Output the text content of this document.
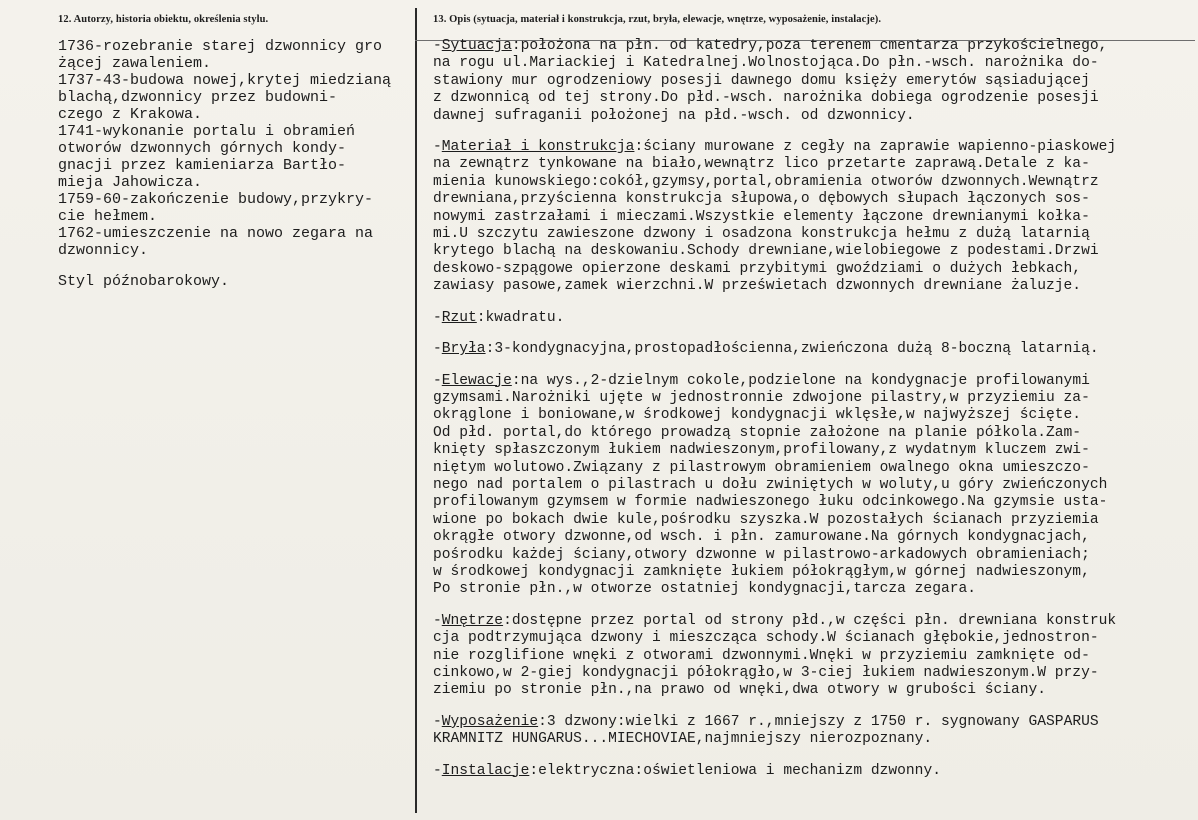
12. Autorzy, historia obiektu, określenia stylu.
1736-rozebranie starej dzwonnicy gro
żącej zawaleniem.
1737-43-budowa nowej,krytej miedzianą
blachą,dzwonnicy przez budowni-
czego z Krakowa.
1741-wykonanie portalu i obramień
otworów dzwonnych górnych kondy-
gnacji przez kamieniarza Bartło-
mieja Jahowicza.
1759-60-zakończenie budowy,przykry-
cie hełmem.
1762-umieszczenie na nowo zegara na
dzwonnicy.
Styl późnobarokowy.
13. Opis (sytuacja, materiał i konstrukcja, rzut, bryła, elewacje, wnętrze, wyposażenie, instalacje).
-Sytuacja:położona na płn. od katedry,poza terenem cmentarza przykościelnego,
na rogu ul.Mariackiej i Katedralnej.Wolnostojąca.Do płn.-wsch. narożnika do-
stawiony mur ogrodzeniowy posesji dawnego domu księży emerytów sąsiadującej
z dzwonnicą od tej strony.Do płd.-wsch. narożnika dobiega ogrodzenie posesji
dawnej sufraganii położonej na płd.-wsch. od dzwonnicy.
-Materiał i konstrukcja:ściany murowane z cegły na zaprawie wapienno-piaskowej
na zewnątrz tynkowane na biało,wewnątrz lico przetarte zaprawą.Detale z ka-
mienia kunowskiego:cokół,gzymsy,portal,obramienia otworów dzwonnych.Wewnątrz
drewniana,przyścienna konstrukcja słupowa,o dębowych słupach łączonych sos-
nowymi zastrzałami i mieczami.Wszystkie elementy łączone drewnianymi kołka-
mi.U szczytu zawieszone dzwony i osadzona konstrukcja hełmu z dużą latarnią
krytego blachą na deskowaniu.Schody drewniane,wielobiegowe z podestami.Drzwi
deskowo-szpągowe opierzone deskami przybitymi gwoździami o dużych łebkach,
zawiasy pasowe,zamek wierzchni.W prześwietach dzwonnych drewniane żaluzje.
-Rzut:kwadratu.
-Bryła:3-kondygnacyjna,prostopadłościenna,zwieńczona dużą 8-boczną latarnią.
-Elewacje:na wys.,2-dzielnym cokole,podzielone na kondygnacje profilowanymi
gzymsami.Narożniki ujęte w jednostronnie zdwojone pilastry,w przyziemiu za-
okrąglone i boniowane,w środkowej kondygnacji wklęsłe,w najwyższej ścięte.
Od płd. portal,do którego prowadzą stopnie założone na planie półkola.Zam-
knięty spłaszczonym łukiem nadwieszonym,profilowany,z wydatnym kluczem zwi-
niętym wolutowo.Związany z pilastrowym obramieniem owalnego okna umieszczo-
nego nad portalem o pilastrach u dołu zwiniętych w woluty,u góry zwieńczonych
profilowanym gzymsem w formie nadwieszonego łuku odcinkowego.Na gzymsie usta-
wione po bokach dwie kule,pośrodku szyszka.W pozostałych ścianach przyziemia
okrągłe otwory dzwonne,od wsch. i płn. zamurowane.Na górnych kondygnacjach,
pośrodku każdej ściany,otwory dzwonne w pilastrowo-arkadowych obramieniach;
w środkowej kondygnacji zamknięte łukiem półokrągłym,w górnej nadwieszonym,
Po stronie płn.,w otworze ostatniej kondygnacji,tarcza zegara.
-Wnętrze:dostępne przez portal od strony płd.,w części płn. drewniana konstruk
cja podtrzymująca dzwony i mieszcząca schody.W ścianach głębokie,jednostron-
nie rozglifione wnęki z otworami dzwonnymi.Wnęki w przyziemiu zamknięte od-
cinkowo,w 2-giej kondygnacji półokrągło,w 3-ciej łukiem nadwieszonym.W przy-
ziemiu po stronie płn.,na prawo od wnęki,dwa otwory w grubości ściany.
-Wyposażenie:3 dzwony:wielki z 1667 r.,mniejszy z 1750 r. sygnowany GASPARUS
KRAMNITZ HUNGARUS...MIECHOVIAE,najmniejszy nierozpoznany.
-Instalacje:elektryczna:oświetleniowa i mechanizm dzwonny.
